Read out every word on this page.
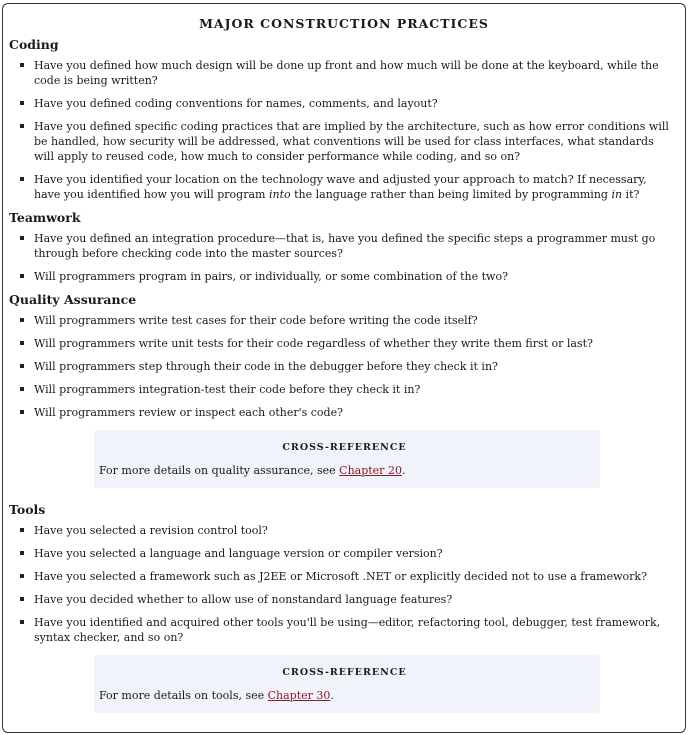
MAJOR CONSTRUCTION PRACTICES
Coding
Have you defined how much design will be done up front and how much will be done at the keyboard, while the code is being written?
Have you defined coding conventions for names, comments, and layout?
Have you defined specific coding practices that are implied by the architecture, such as how error conditions will be handled, how security will be addressed, what conventions will be used for class interfaces, what standards will apply to reused code, how much to consider performance while coding, and so on?
Have you identified your location on the technology wave and adjusted your approach to match? If necessary, have you identified how you will program into the language rather than being limited by programming in it?
Teamwork
Have you defined an integration procedure—that is, have you defined the specific steps a programmer must go through before checking code into the master sources?
Will programmers program in pairs, or individually, or some combination of the two?
Quality Assurance
Will programmers write test cases for their code before writing the code itself?
Will programmers write unit tests for their code regardless of whether they write them first or last?
Will programmers step through their code in the debugger before they check it in?
Will programmers integration-test their code before they check it in?
Will programmers review or inspect each other's code?
CROSS-REFERENCE
For more details on quality assurance, see Chapter 20.
Tools
Have you selected a revision control tool?
Have you selected a language and language version or compiler version?
Have you selected a framework such as J2EE or Microsoft .NET or explicitly decided not to use a framework?
Have you decided whether to allow use of nonstandard language features?
Have you identified and acquired other tools you'll be using—editor, refactoring tool, debugger, test framework, syntax checker, and so on?
CROSS-REFERENCE
For more details on tools, see Chapter 30.
